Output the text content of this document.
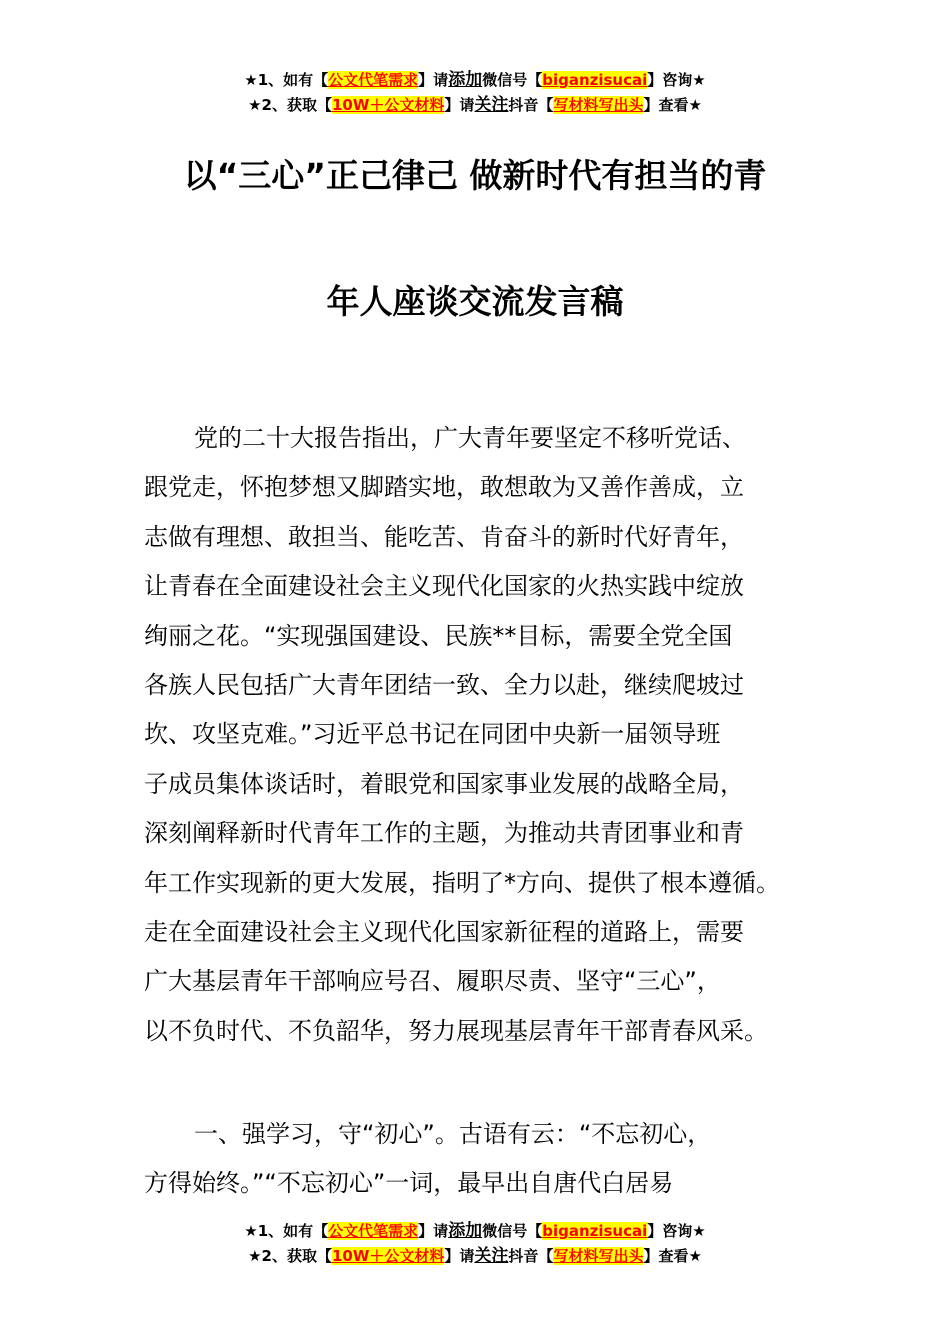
★1、如有【公文代笔需求】请添加微信号【biganzisucai】咨询★
★2、获取【10W＋公文材料】请关注抖音【写材料写出头】查看★
以“三心”正己律己 做新时代有担当的青
年人座谈交流发言稿
党的二十大报告指出，广大青年要坚定不移听党话、
跟党走，怀抱梦想又脚踏实地，敢想敢为又善作善成，立
志做有理想、敢担当、能吃苦、肯奋斗的新时代好青年，
让青春在全面建设社会主义现代化国家的火热实践中绽放
绚丽之花。“实现强国建设、民族**目标，需要全党全国
各族人民包括广大青年团结一致、全力以赴，继续爬坡过
坎、攻坚克难。”习近平总书记在同团中央新一届领导班
子成员集体谈话时，着眼党和国家事业发展的战略全局，
深刻阐释新时代青年工作的主题，为推动共青团事业和青
年工作实现新的更大发展，指明了*方向、提供了根本遵循。
走在全面建设社会主义现代化国家新征程的道路上，需要
广大基层青年干部响应号召、履职尽责、坚守“三心”，
以不负时代、不负韶华，努力展现基层青年干部青春风采。
一、强学习，守“初心”。古语有云：“不忘初心，
方得始终。”“不忘初心”一词，最早出自唐代白居易
★1、如有【公文代笔需求】请添加微信号【biganzisucai】咨询★
★2、获取【10W＋公文材料】请关注抖音【写材料写出头】查看★
